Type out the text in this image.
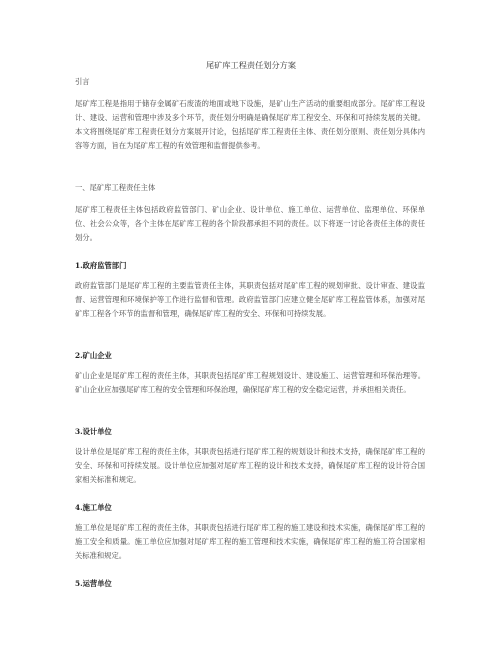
尾矿库工程责任划分方案

引言

尾矿库工程是指用于储存金属矿石废渣的地面或地下设施，是矿山生产活动的重要组成部分。尾矿库工程设计、建设、运营和管理中涉及多个环节，责任划分明确是确保尾矿库工程安全、环保和可持续发展的关键。本文将围绕尾矿库工程责任划分方案展开讨论，包括尾矿库工程责任主体、责任划分原则、责任划分具体内容等方面，旨在为尾矿库工程的有效管理和监督提供参考。

一、尾矿库工程责任主体

尾矿库工程责任主体包括政府监管部门、矿山企业、设计单位、施工单位、运营单位、监理单位、环保单位、社会公众等，各个主体在尾矿库工程的各个阶段都承担不同的责任。以下将逐一讨论各责任主体的责任划分。

1.政府监管部门

政府监管部门是尾矿库工程的主要监管责任主体，其职责包括对尾矿库工程的规划审批、设计审查、建设监督、运营管理和环境保护等工作进行监督和管理。政府监管部门应建立健全尾矿库工程监管体系，加强对尾矿库工程各个环节的监督和管理，确保尾矿库工程的安全、环保和可持续发展。

2.矿山企业

矿山企业是尾矿库工程的责任主体，其职责包括尾矿库工程规划设计、建设施工、运营管理和环保治理等。矿山企业应加强尾矿库工程的安全管理和环保治理，确保尾矿库工程的安全稳定运营，并承担相关责任。

3.设计单位

设计单位是尾矿库工程的责任主体，其职责包括进行尾矿库工程的规划设计和技术支持，确保尾矿库工程的安全、环保和可持续发展。设计单位应加强对尾矿库工程的设计和技术支持，确保尾矿库工程的设计符合国家相关标准和规定。

4.施工单位

施工单位是尾矿库工程的责任主体，其职责包括进行尾矿库工程的施工建设和技术实施，确保尾矿库工程的施工安全和质量。施工单位应加强对尾矿库工程的施工管理和技术实施，确保尾矿库工程的施工符合国家相关标准和规定。

5.运营单位
